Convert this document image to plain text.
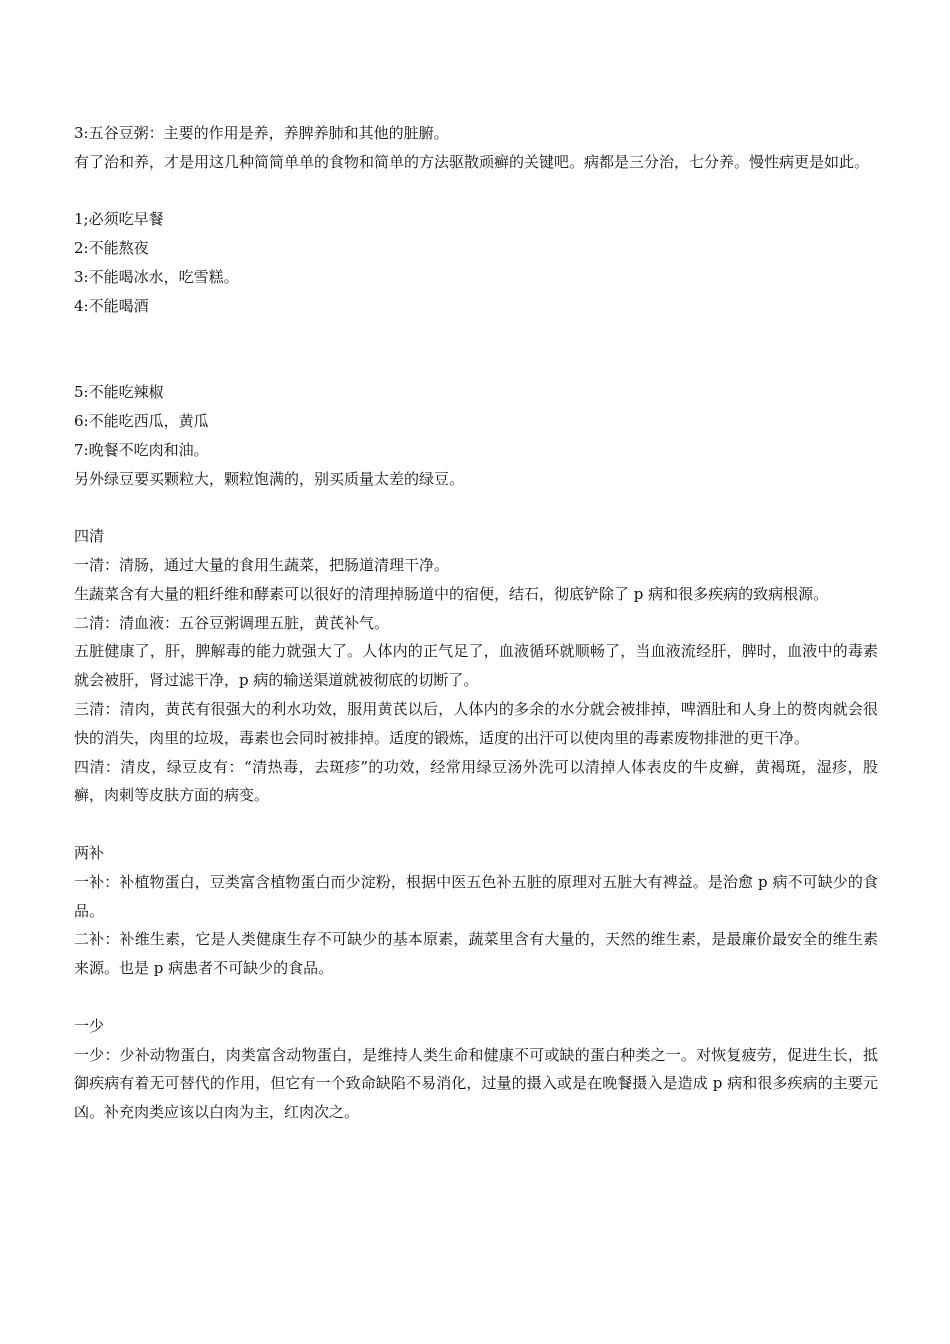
3:五谷豆粥：主要的作用是养，养脾养肺和其他的脏腑。

有了治和养，才是用这几种简简单单的食物和简单的方法驱散顽癣的关键吧。病都是三分治，七分养。慢性病更是如此。

1;必须吃早餐

2:不能熬夜

3:不能喝冰水，吃雪糕。

4:不能喝酒

5:不能吃辣椒

6:不能吃西瓜，黄瓜

7:晚餐不吃肉和油。

另外绿豆要买颗粒大，颗粒饱满的，别买质量太差的绿豆。

四清

一清：清肠，通过大量的食用生蔬菜，把肠道清理干净。

生蔬菜含有大量的粗纤维和酵素可以很好的清理掉肠道中的宿便，结石，彻底铲除了 p 病和很多疾病的致病根源。

二清：清血液：五谷豆粥调理五脏，黄芪补气。

五脏健康了，肝，脾解毒的能力就强大了。人体内的正气足了，血液循环就顺畅了，当血液流经肝，脾时，血液中的毒素就会被肝，肾过滤干净，p 病的输送渠道就被彻底的切断了。

三清：清肉，黄芪有很强大的利水功效，服用黄芪以后，人体内的多余的水分就会被排掉，啤酒肚和人身上的赘肉就会很快的消失，肉里的垃圾，毒素也会同时被排掉。适度的锻炼，适度的出汗可以使肉里的毒素废物排泄的更干净。

四清：清皮，绿豆皮有：“清热毒，去斑疹”的功效，经常用绿豆汤外洗可以清掉人体表皮的牛皮癣，黄褐斑，湿疹，股癣，肉刺等皮肤方面的病变。

两补

一补：补植物蛋白，豆类富含植物蛋白而少淀粉，根据中医五色补五脏的原理对五脏大有裨益。是治愈 p 病不可缺少的食品。

二补：补维生素，它是人类健康生存不可缺少的基本原素，蔬菜里含有大量的，天然的维生素，是最廉价最安全的维生素来源。也是 p 病患者不可缺少的食品。

一少

一少：少补动物蛋白，肉类富含动物蛋白，是维持人类生命和健康不可或缺的蛋白种类之一。对恢复疲劳，促进生长，抵御疾病有着无可替代的作用，但它有一个致命缺陷不易消化，过量的摄入或是在晚餐摄入是造成 p 病和很多疾病的主要元凶。补充肉类应该以白肉为主，红肉次之。
